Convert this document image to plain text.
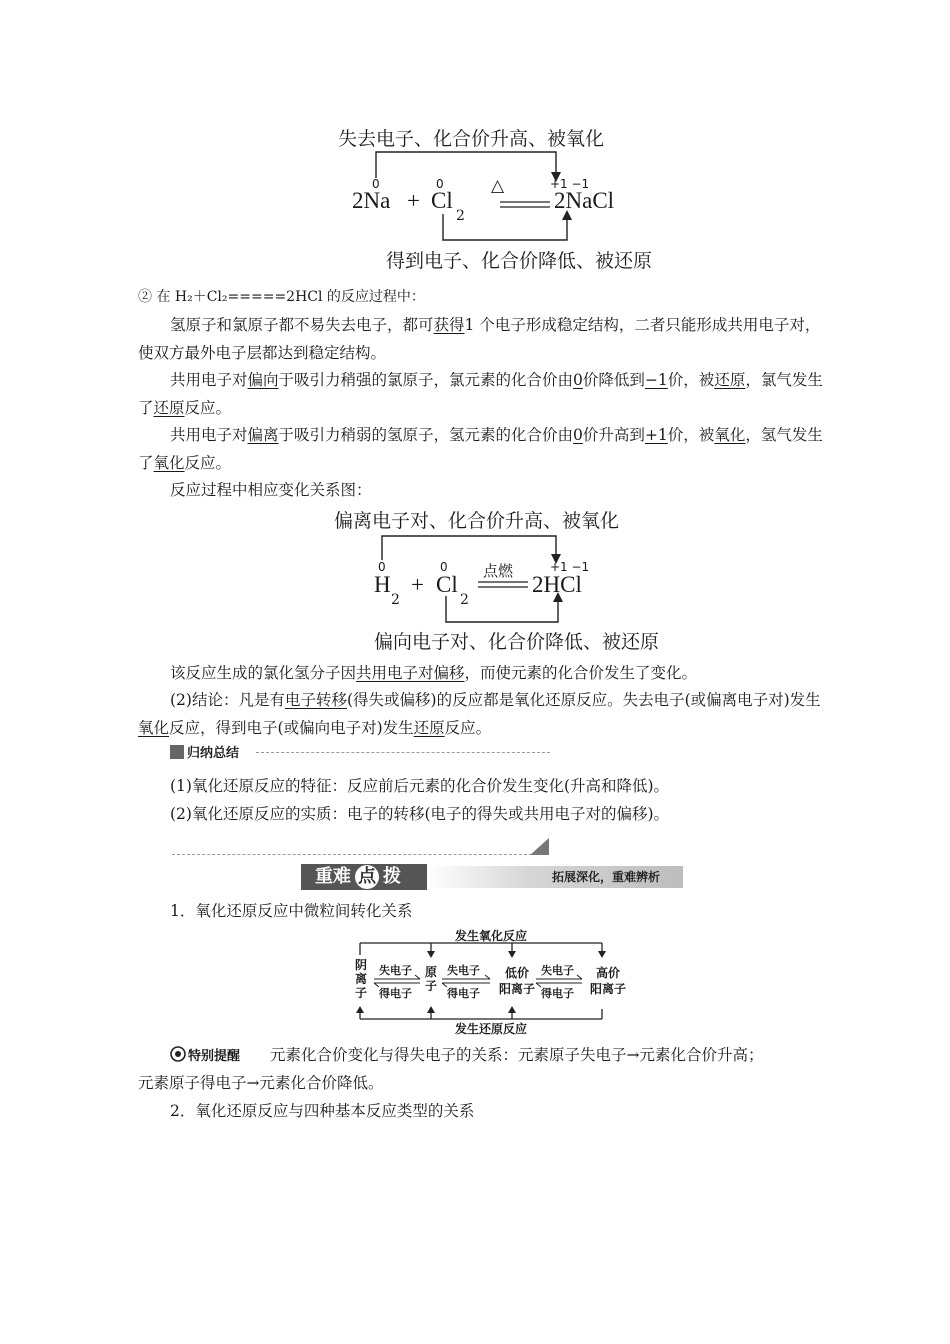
失去电子、化合价升高、被氧化
0	0	+1 −1
2Na + Cl
2
△
2NaCl
得到电子、化合价降低、被还原
② 在 H₂＋Cl₂=====2HCl 的反应过程中：
氢原子和氯原子都不易失去电子，都可获得1 个电子形成稳定结构，二者只能形成共用电子对，使双方最外电子层都达到稳定结构。
共用电子对偏向于吸引力稍强的氯原子，氯元素的化合价由0价降低到−1价，被还原，氯气发生了还原反应。
共用电子对偏离于吸引力稍弱的氢原子，氢元素的化合价由0价升高到+1价，被氧化，氢气发生了氧化反应。
反应过程中相应变化关系图：
偏离电子对、化合价升高、被氧化
0	0	+1 −1
H
2
+ Cl
2
点燃
2HCl
偏向电子对、化合价降低、被还原
该反应生成的氯化氢分子因共用电子对偏移，而使元素的化合价发生了变化。
(2)结论：凡是有电子转移(得失或偏移)的反应都是氧化还原反应。失去电子(或偏离电子对)发生氧化反应，得到电子(或偏向电子对)发生还原反应。
归纳总结
(1)氧化还原反应的特征：反应前后元素的化合价发生变化(升高和降低)。
(2)氧化还原反应的实质：电子的转移(电子的得失或共用电子对的偏移)。
重难 点 拨	拓展深化，重难辨析
1．氧化还原反应中微粒间转化关系
发生氧化反应
发生还原反应
阴
离
子
原
子
低价
阳离子
高价
阳离子
失电子
得电子
失电子
得电子
失电子
得电子
特别提醒 元素化合价变化与得失电子的关系：元素原子失电子→元素化合价升高；
元素原子得电子→元素化合价降低。
2．氧化还原反应与四种基本反应类型的关系
